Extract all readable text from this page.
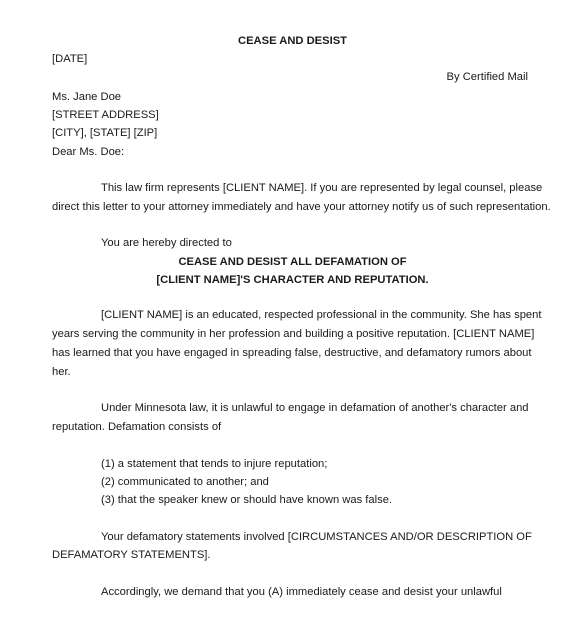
CEASE AND DESIST
[DATE]
By Certified Mail
Ms. Jane Doe
[STREET ADDRESS]
[CITY], [STATE] [ZIP]
Dear Ms. Doe:
This law firm represents [CLIENT NAME]. If you are represented by legal counsel, please
direct this letter to your attorney immediately and have your attorney notify us of such representation.
You are hereby directed to
CEASE AND DESIST ALL DEFAMATION OF
[CLIENT NAME]'S CHARACTER AND REPUTATION.
[CLIENT NAME] is an educated, respected professional in the community. She has spent
years serving the community in her profession and building a positive reputation. [CLIENT NAME]
has learned that you have engaged in spreading false, destructive, and defamatory rumors about
her.
Under Minnesota law, it is unlawful to engage in defamation of another's character and
reputation. Defamation consists of
(1) a statement that tends to injure reputation;
(2) communicated to another; and
(3) that the speaker knew or should have known was false.
Your defamatory statements involved [CIRCUMSTANCES AND/OR DESCRIPTION OF
DEFAMATORY STATEMENTS].
Accordingly, we demand that you (A) immediately cease and desist your unlawful
